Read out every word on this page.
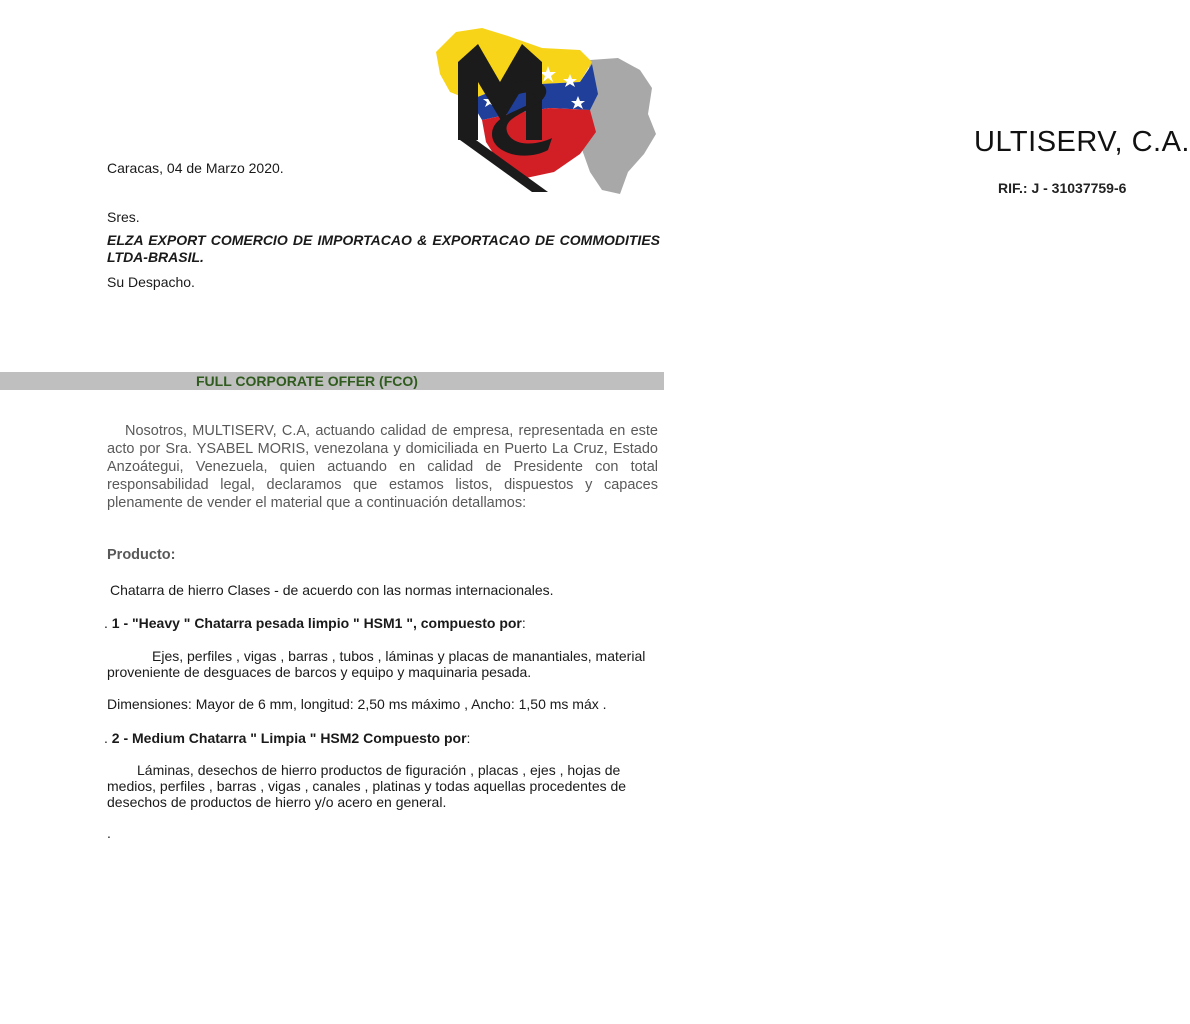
ULTISERV, C.A.
RIF.: J - 31037759-6
Caracas, 04 de Marzo 2020.
Sres.
ELZA EXPORT COMERCIO DE IMPORTACAO & EXPORTACAO DE COMMODITIES LTDA-BRASIL.
Su Despacho.
FULL CORPORATE OFFER (FCO)
Nosotros, MULTISERV, C.A, actuando calidad de empresa, representada en este acto por Sra. YSABEL MORIS, venezolana y domiciliada en Puerto La Cruz, Estado Anzoátegui, Venezuela, quien actuando en calidad de Presidente con total responsabilidad legal, declaramos que estamos listos, dispuestos y capaces plenamente de vender el material que a continuación detallamos:
Producto:
Chatarra de hierro Clases - de acuerdo con las normas internacionales.
. 1 - "Heavy " Chatarra pesada limpio " HSM1 ", compuesto por:
Ejes, perfiles , vigas , barras , tubos , láminas y placas de manantiales, material
proveniente de desguaces de barcos y equipo y maquinaria pesada.
Dimensiones: Mayor de 6 mm, longitud: 2,50 ms máximo , Ancho: 1,50 ms máx .
. 2 - Medium Chatarra " Limpia " HSM2 Compuesto por:
Láminas, desechos de hierro productos de figuración , placas , ejes , hojas de
medios, perfiles , barras , vigas , canales , platinas y todas aquellas procedentes de
desechos de productos de hierro y/o acero en general.
.
